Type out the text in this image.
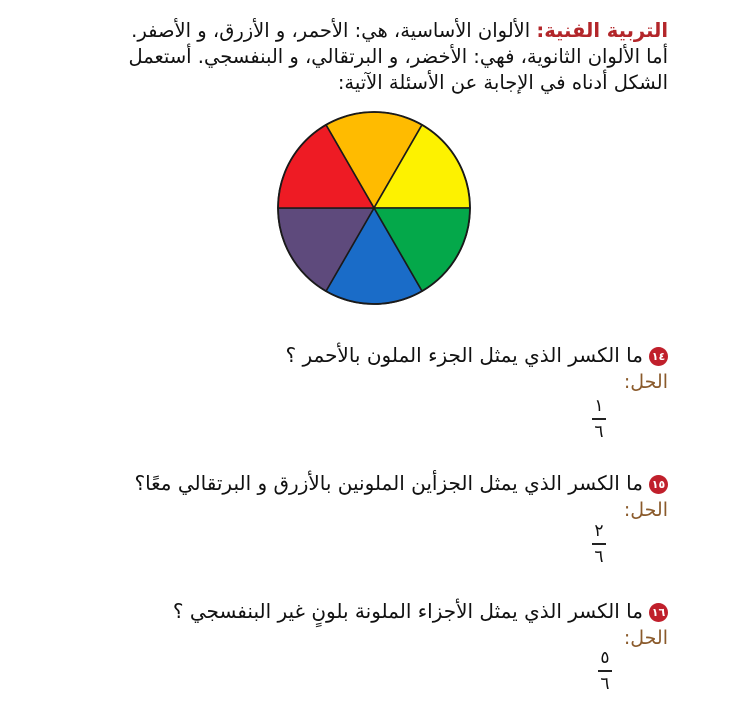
التربية الفنية: الألوان الأساسية، هي: الأحمر، و الأزرق، و الأصفر.
أما الألوان الثانوية، فهي: الأخضر، و البرتقالي، و البنفسجي. أستعمل
الشكل أدناه في الإجابة عن الأسئلة الآتية:
١٤ما الكسر الذي يمثل الجزء الملون بالأحمر ؟
الحل:
١
٦
١٥ما الكسر الذي يمثل الجزأين الملونين بالأزرق و البرتقالي معًا؟
الحل:
٢
٦
١٦ما الكسر الذي يمثل الأجزاء الملونة بلونٍ غير البنفسجي ؟
الحل:
٥
٦
